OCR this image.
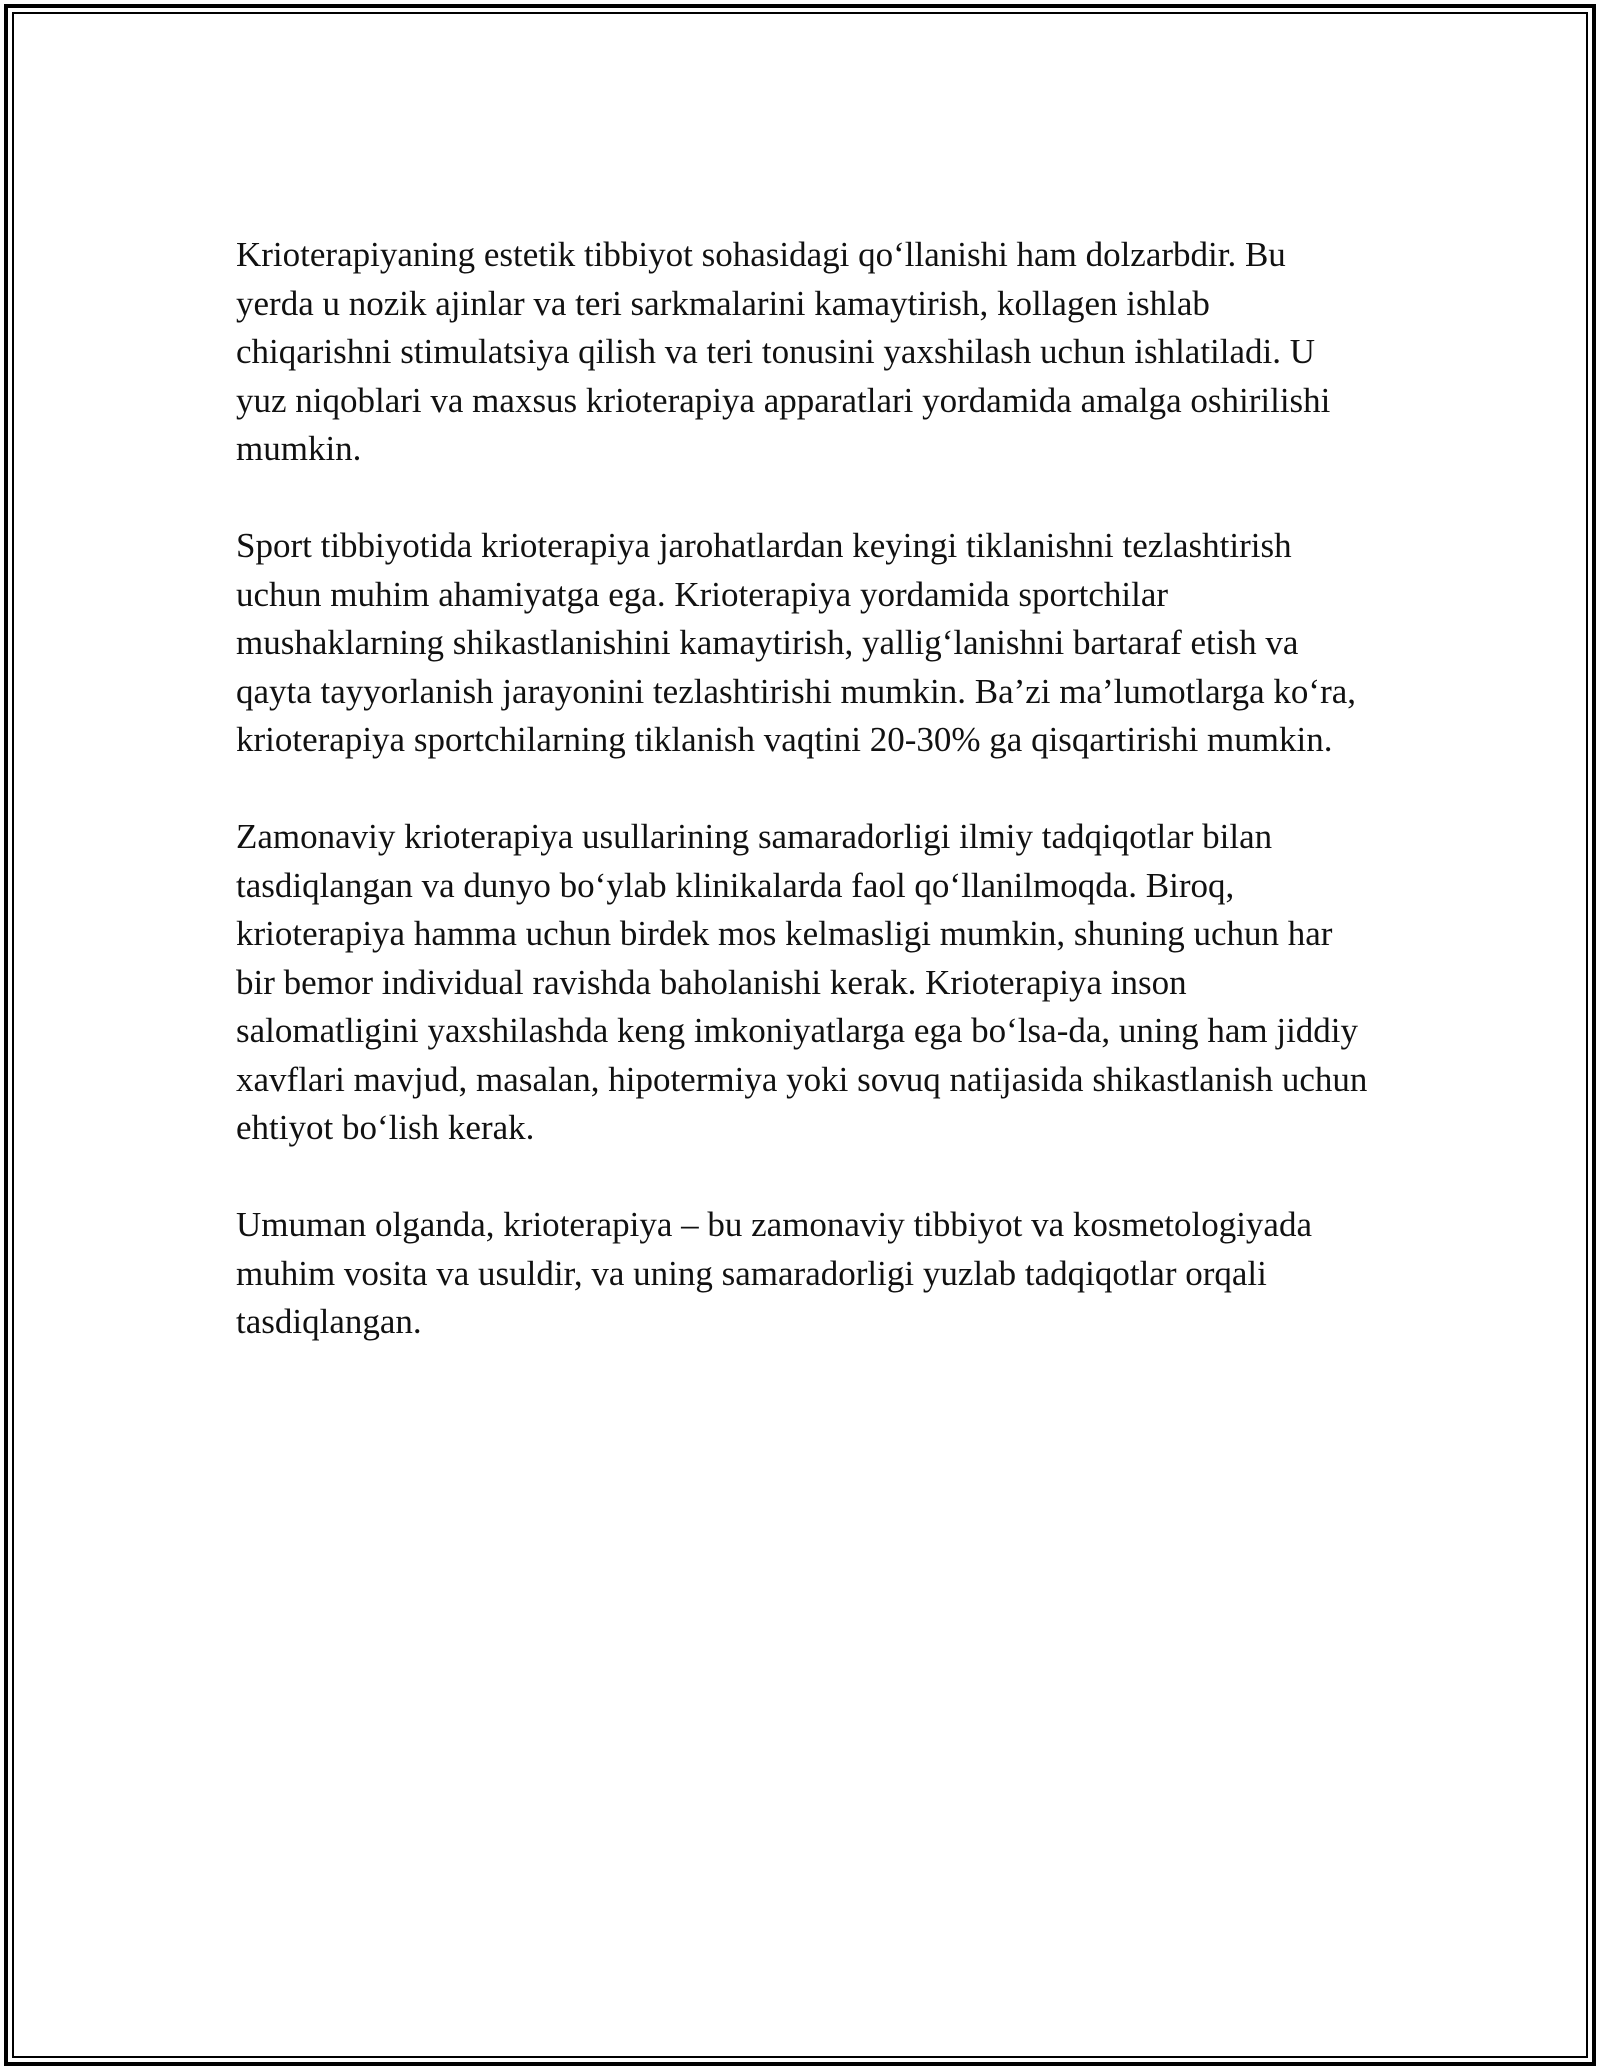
Krioterapiyaning estetik tibbiyot sohasidagi qoʻllanishi ham dolzarbdir. Bu yerda u nozik ajinlar va teri sarkmalarini kamaytirish, kollagen ishlab chiqarishni stimulatsiya qilish va teri tonusini yaxshilash uchun ishlatiladi. U yuz niqoblari va maxsus krioterapiya apparatlari yordamida amalga oshirilishi mumkin.

Sport tibbiyotida krioterapiya jarohatlardan keyingi tiklanishni tezlashtirish uchun muhim ahamiyatga ega. Krioterapiya yordamida sportchilar mushaklarning shikastlanishini kamaytirish, yalligʻlanishni bartaraf etish va qayta tayyorlanish jarayonini tezlashtirishi mumkin. Ba’zi ma’lumotlarga koʻra, krioterapiya sportchilarning tiklanish vaqtini 20-30% ga qisqartirishi mumkin.

Zamonaviy krioterapiya usullarining samaradorligi ilmiy tadqiqotlar bilan tasdiqlangan va dunyo boʻylab klinikalarda faol qoʻllanilmoqda. Biroq, krioterapiya hamma uchun birdek mos kelmasligi mumkin, shuning uchun har bir bemor individual ravishda baholanishi kerak. Krioterapiya inson salomatligini yaxshilashda keng imkoniyatlarga ega boʻlsa-da, uning ham jiddiy xavflari mavjud, masalan, hipotermiya yoki sovuq natijasida shikastlanish uchun ehtiyot boʻlish kerak.

Umuman olganda, krioterapiya – bu zamonaviy tibbiyot va kosmetologiyada muhim vosita va usuldir, va uning samaradorligi yuzlab tadqiqotlar orqali tasdiqlangan.
